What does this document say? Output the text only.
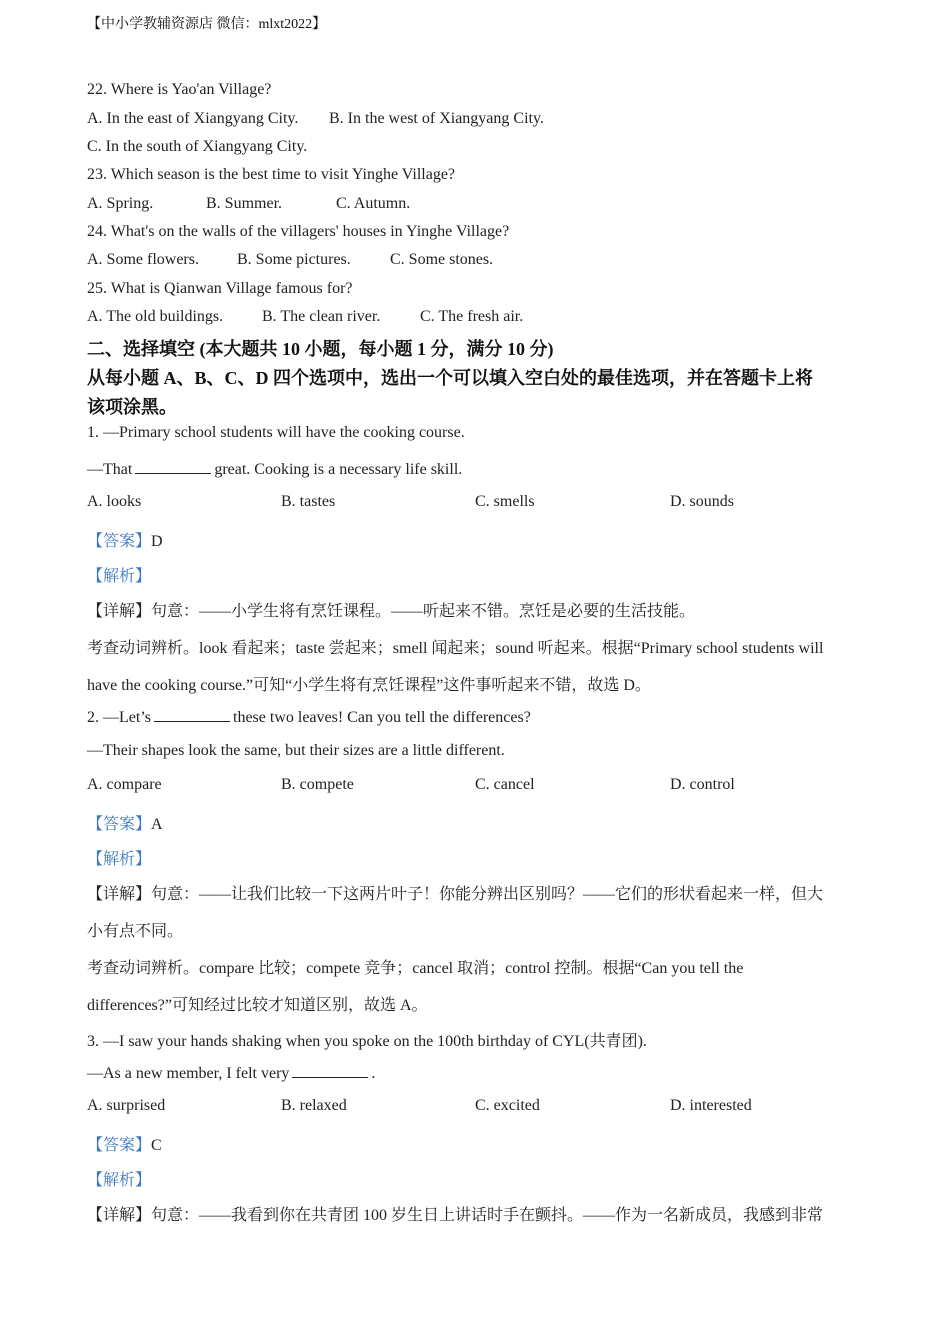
【中小学教辅资源店 微信：mlxt2022】
22. Where is Yao'an Village?
A. In the east of Xiangyang City. B. In the west of Xiangyang City.
C. In the south of Xiangyang City.
23. Which season is the best time to visit Yinghe Village?
A. Spring.	B. Summer.	C. Autumn.
24. What's on the walls of the villagers' houses in Yinghe Village?
A. Some flowers. B. Some pictures. C. Some stones.
25. What is Qianwan Village famous for?
A. The old buildings. B. The clean river. C. The fresh air.
二、选择填空 (本大题共 10 小题，每小题 1 分，满分 10 分)
从每小题 A、B、C、D 四个选项中，选出一个可以填入空白处的最佳选项，并在答题卡上将
该项涂黑。
1. —Primary school students will have the cooking course.
—That	great. Cooking is a necessary life skill.
A. looks	B. tastes	C. smells	D. sounds
【答案】D
【解析】
【详解】句意：——小学生将有烹饪课程。——听起来不错。烹饪是必要的生活技能。
考查动词辨析。look 看起来；taste 尝起来；smell 闻起来；sound 听起来。根据“Primary school students will
have the cooking course.”可知“小学生将有烹饪课程”这件事听起来不错，故选 D。
2. —Let’s	these two leaves! Can you tell the differences?
—Their shapes look the same, but their sizes are a little different.
A. compare	B. compete	C. cancel	D. control
【答案】A
【解析】
【详解】句意：——让我们比较一下这两片叶子！你能分辨出区别吗？——它们的形状看起来一样，但大
小有点不同。
考查动词辨析。compare 比较；compete 竞争；cancel 取消；control 控制。根据“Can you tell the
differences?”可知经过比较才知道区别，故选 A。
3. —I saw your hands shaking when you spoke on the 100th birthday of CYL(共青团).
—As a new member, I felt very	.
A. surprised	B. relaxed	C. excited	D. interested
【答案】C
【解析】
【详解】句意：——我看到你在共青团 100 岁生日上讲话时手在颤抖。——作为一名新成员，我感到非常
